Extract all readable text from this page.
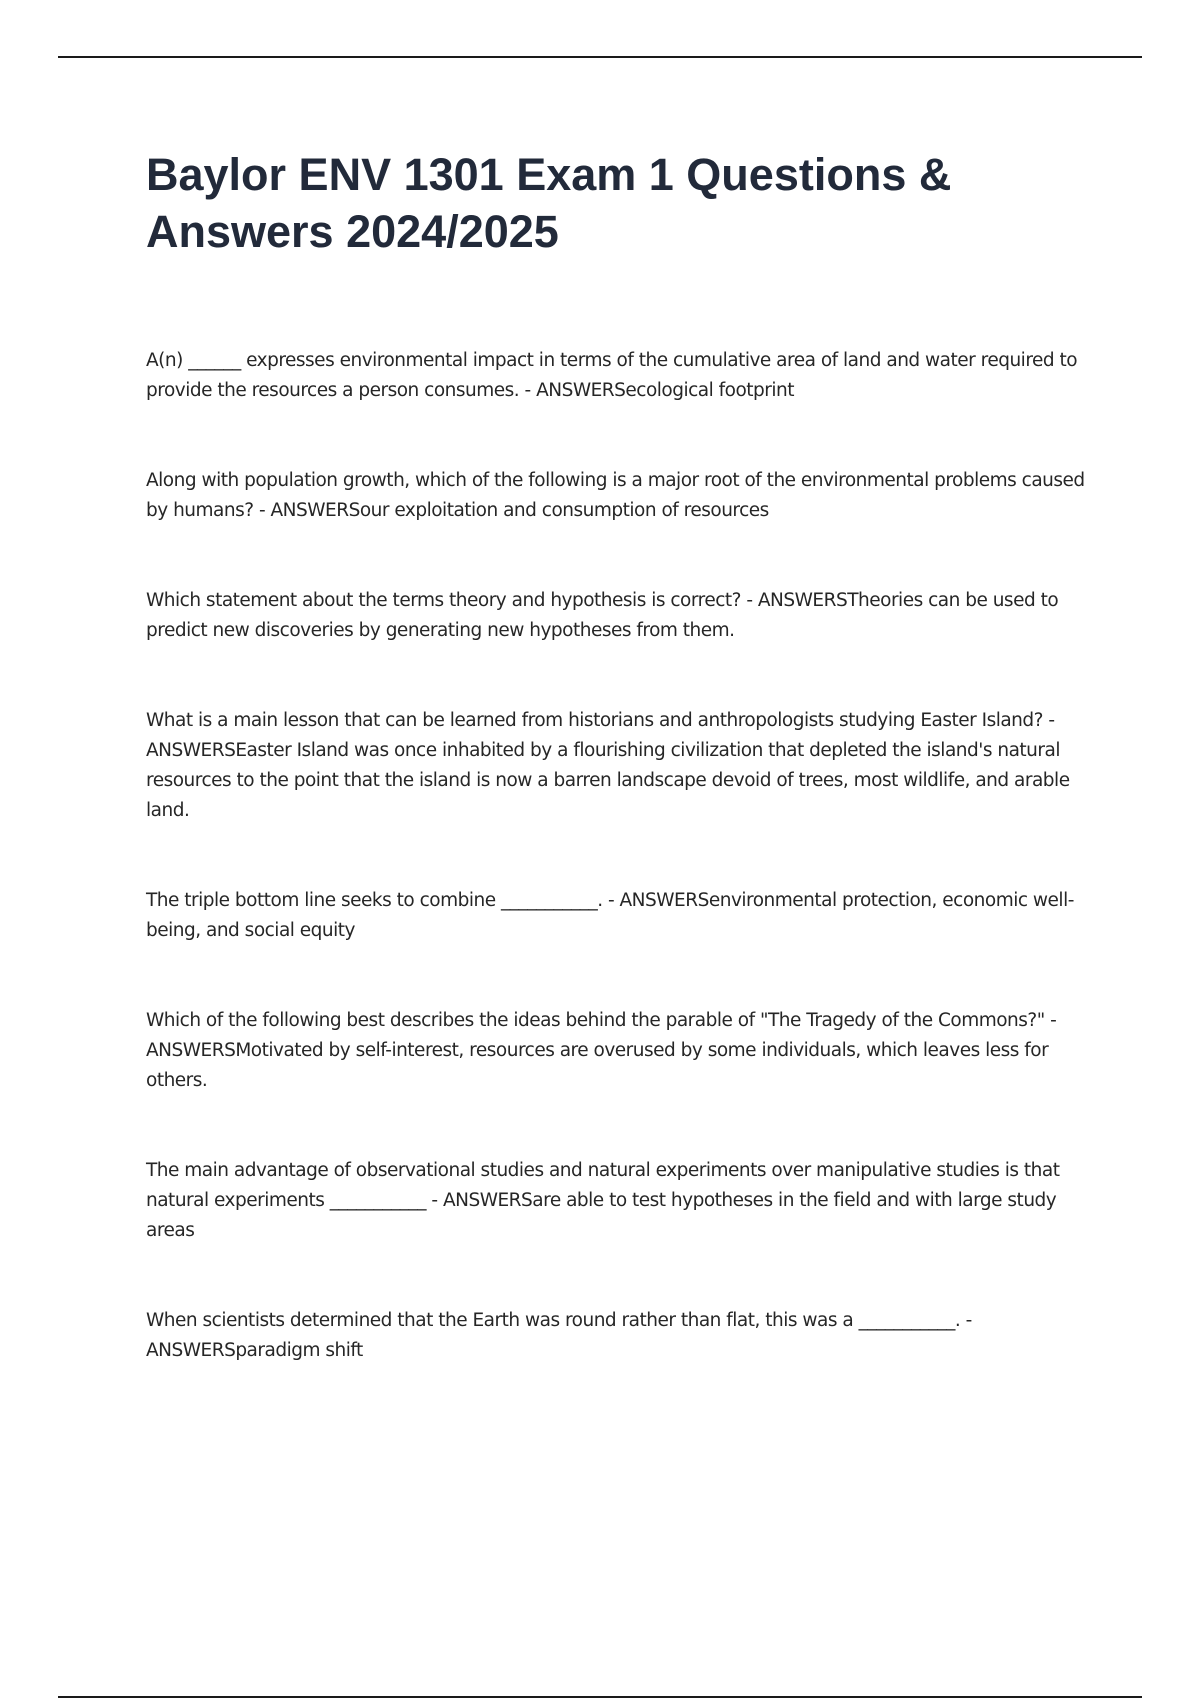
Baylor ENV 1301 Exam 1 Questions & Answers 2024/2025

A(n) ______ expresses environmental impact in terms of the cumulative area of land and water required to provide the resources a person consumes. - ANSWERSecological footprint

Along with population growth, which of the following is a major root of the environmental problems caused by humans? - ANSWERSour exploitation and consumption of resources

Which statement about the terms theory and hypothesis is correct? - ANSWERSTheories can be used to predict new discoveries by generating new hypotheses from them.

What is a main lesson that can be learned from historians and anthropologists studying Easter Island? - ANSWERSEaster Island was once inhabited by a flourishing civilization that depleted the island's natural resources to the point that the island is now a barren landscape devoid of trees, most wildlife, and arable land.

The triple bottom line seeks to combine ___________. - ANSWERSenvironmental protection, economic well-being, and social equity

Which of the following best describes the ideas behind the parable of "The Tragedy of the Commons?" - ANSWERSMotivated by self-interest, resources are overused by some individuals, which leaves less for others.

The main advantage of observational studies and natural experiments over manipulative studies is that natural experiments ___________ - ANSWERSare able to test hypotheses in the field and with large study areas

When scientists determined that the Earth was round rather than flat, this was a ___________. - ANSWERSparadigm shift
